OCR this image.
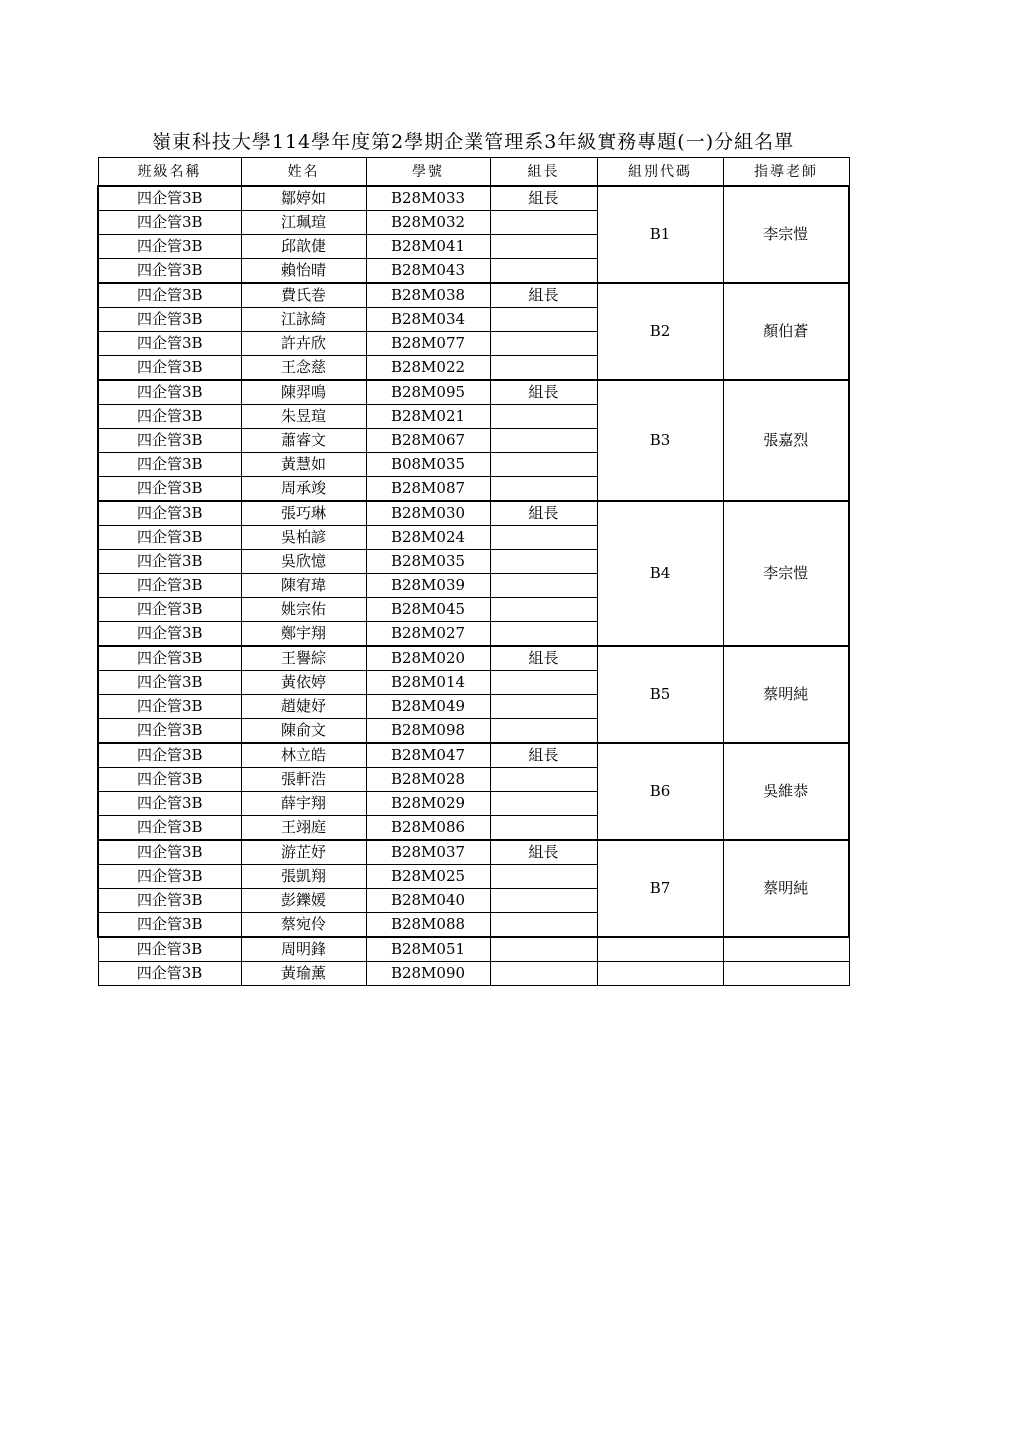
嶺東科技大學114學年度第2學期企業管理系3年級實務專題(一)分組名單
班級名稱	姓名	學號	組長	組別代碼	指導老師
四企管3B	鄒婷如	B28M033	組長	B1	李宗愷
四企管3B	江珮瑄	B28M032			
四企管3B	邱歆倢	B28M041			
四企管3B	賴怡晴	B28M043			
四企管3B	費氏巻	B28M038	組長	B2	顏伯蒼
四企管3B	江詠綺	B28M034			
四企管3B	許卉欣	B28M077			
四企管3B	王念慈	B28M022			
四企管3B	陳羿鳴	B28M095	組長	B3	張嘉烈
四企管3B	朱昱瑄	B28M021			
四企管3B	蕭睿文	B28M067			
四企管3B	黃慧如	B08M035			
四企管3B	周承竣	B28M087			
四企管3B	張巧琳	B28M030	組長	B4	李宗愷
四企管3B	吳柏諺	B28M024			
四企管3B	吳欣憶	B28M035			
四企管3B	陳宥瑋	B28M039			
四企管3B	姚宗佑	B28M045			
四企管3B	鄭宇翔	B28M027			
四企管3B	王譽綜	B28M020	組長	B5	蔡明純
四企管3B	黃依婷	B28M014			
四企管3B	趙婕妤	B28M049			
四企管3B	陳俞文	B28M098			
四企管3B	林立皓	B28M047	組長	B6	吳維恭
四企管3B	張軒浩	B28M028			
四企管3B	薛宇翔	B28M029			
四企管3B	王翊庭	B28M086			
四企管3B	游芷妤	B28M037	組長	B7	蔡明純
四企管3B	張凱翔	B28M025			
四企管3B	彭鑠媛	B28M040			
四企管3B	蔡宛伶	B28M088			
四企管3B	周明鋒	B28M051			
四企管3B	黃瑜薰	B28M090			
